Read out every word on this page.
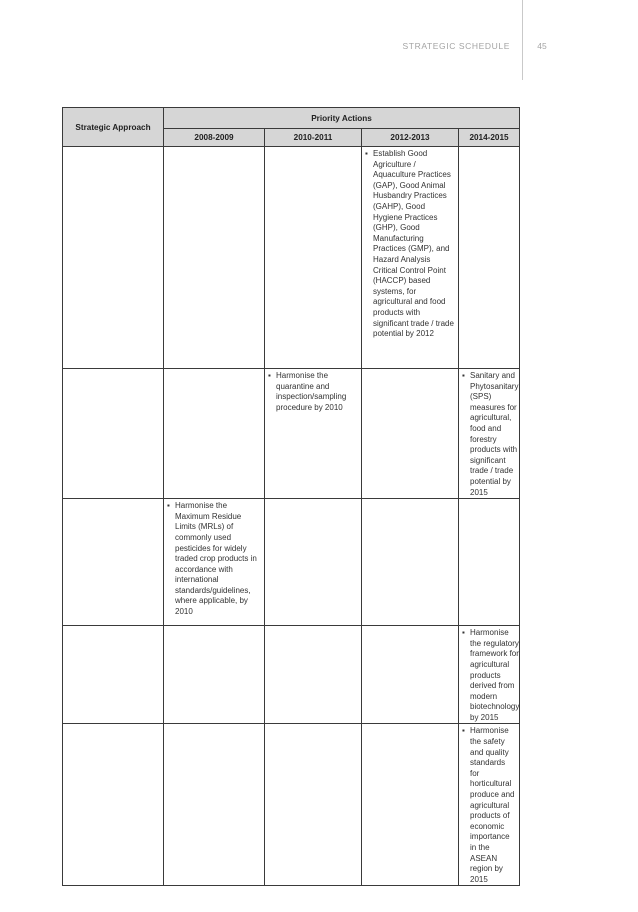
STRATEGIC SCHEDULE	45
Strategic Approach	Priority Actions			
	2008-2009	2010-2011	2012-2013	2014-2015

			▪ Establish Good Agriculture / Aquaculture Practices (GAP), Good Animal Husbandry Practices (GAHP), Good Hygiene Practices (GHP), Good Manufacturing Practices (GMP), and Hazard Analysis Critical Control Point (HACCP) based systems, for agricultural and food products with significant trade / trade potential by 2012	

		▪ Harmonise the quarantine and inspection/sampling procedure by 2010		▪ Sanitary and Phytosanitary (SPS) measures for agricultural, food and forestry products with significant trade / trade potential by 2015

	▪ Harmonise the Maximum Residue Limits (MRLs) of commonly used pesticides for widely traded crop products in accordance with international standards/guidelines, where applicable, by 2010			

				▪ Harmonise the regulatory framework for agricultural products derived from modern biotechnology by 2015

				▪ Harmonise the safety and quality standards for horticultural produce and agricultural products of economic importance in the ASEAN region by 2015
